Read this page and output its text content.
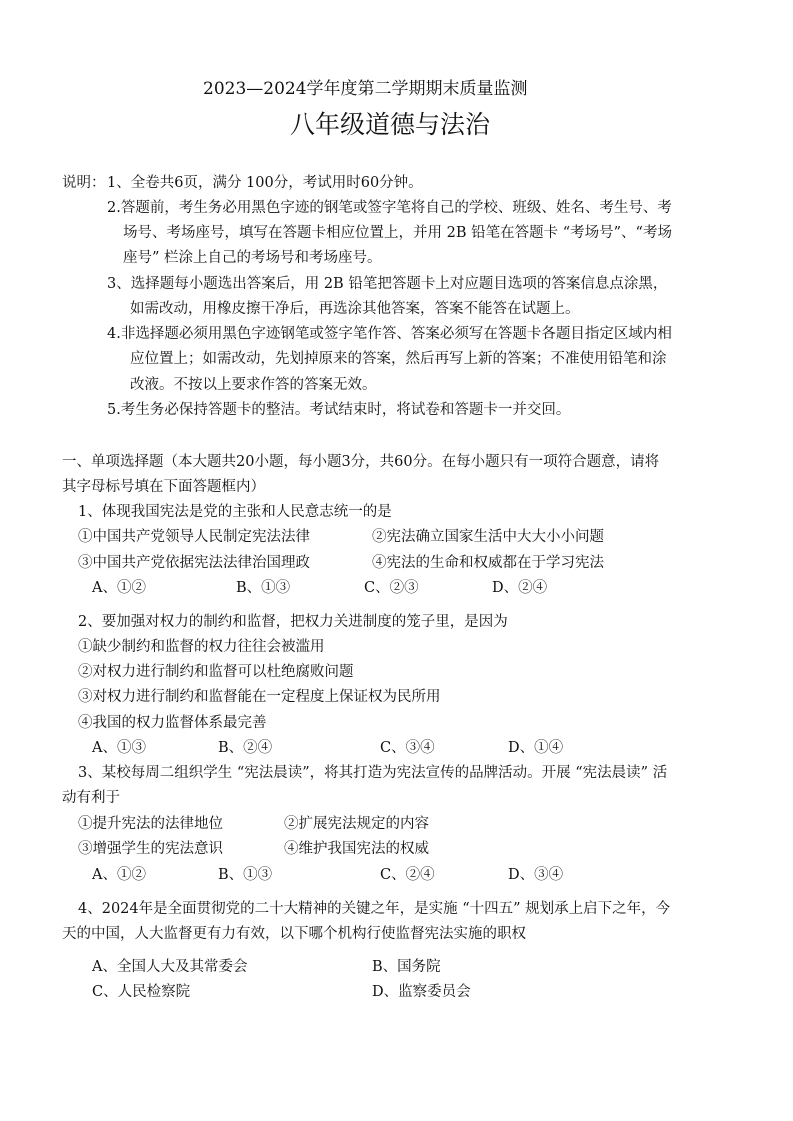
2023—2024学年度第二学期期末质量监测
八年级道德与法治
说明： 1、全卷共6页，满分 100分，考试用时60分钟。
2.答题前，考生务必用黑色字迹的钢笔或签字笔将自己的学校、班级、姓名、考生号、考
场号、考场座号，填写在答题卡相应位置上，并用 2B 铅笔在答题卡 “考场号”、“考场
座号” 栏涂上自己的考场号和考场座号。
3、选择题每小题选出答案后，用 2B 铅笔把答题卡上对应题目选项的答案信息点涂黑，
如需改动，用橡皮擦干净后，再选涂其他答案，答案不能答在试题上。
4.非选择题必须用黑色字迹钢笔或签字笔作答、答案必须写在答题卡各题目指定区域内相
应位置上；如需改动，先划掉原来的答案，然后再写上新的答案；不准使用铅笔和涂
改液。不按以上要求作答的答案无效。
5.考生务必保持答题卡的整洁。考试结束时，将试卷和答题卡一并交回。
一、单项选择题（本大题共20小题，每小题3分，共60分。在每小题只有一项符合题意，请将
其字母标号填在下面答题框内）
1、体现我国宪法是党的主张和人民意志统一的是
①中国共产党领导人民制定宪法法律	②宪法确立国家生活中大大小小问题
③中国共产党依据宪法法律治国理政	④宪法的生命和权威都在于学习宪法
A、①②	B、①③	C、②③	D、②④
2、要加强对权力的制约和监督，把权力关进制度的笼子里，是因为
①缺少制约和监督的权力往往会被滥用
②对权力进行制约和监督可以杜绝腐败问题
③对权力进行制约和监督能在一定程度上保证权为民所用
④我国的权力监督体系最完善
A、①③	B、②④	C、③④	D、①④
3、某校每周二组织学生 “宪法晨读”，将其打造为宪法宣传的品牌活动。开展 “宪法晨读” 活
动有利于
①提升宪法的法律地位	②扩展宪法规定的内容
③增强学生的宪法意识	④维护我国宪法的权威
A、①②	B、①③	C、②④	D、③④
4、2024年是全面贯彻党的二十大精神的关键之年，是实施 “十四五” 规划承上启下之年，今
天的中国，人大监督更有力有效，以下哪个机构行使监督宪法实施的职权
A、全国人大及其常委会	B、国务院
C、人民检察院	D、监察委员会
